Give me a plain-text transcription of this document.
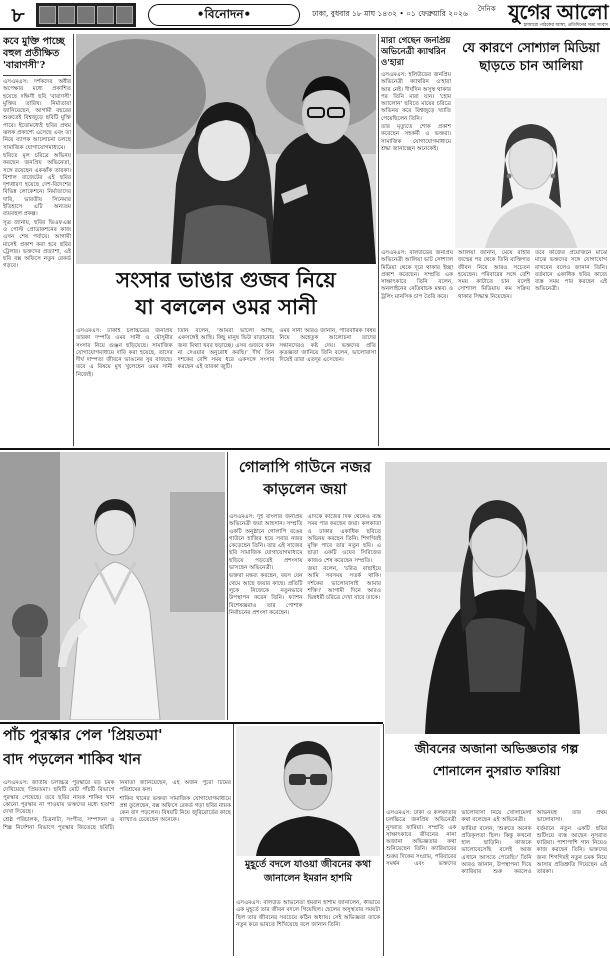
৮	•বিনোদন•	ঢাকা, বুধবার ১৮ মাঘ ১৪৩২ • ০১ ফেব্রুয়ারি ২০২৬	দৈনিক যুগের আলো
হাজারো পাঠকের আস্থা, প্রতিদিনের সত্য সংবাদ
কবে মুক্তি পাচ্ছে বহুল প্রতীক্ষিত 'বারাণসী'?

এসএমএস: দর্শকদের অধীর অপেক্ষার মধ্যে প্রকাশিত হয়েছে দক্ষিণী ছবি 'বারাণসী' মুক্তির তারিখ। নির্মাতারা জানিয়েছেন, আগামী বছরের শুরুতেই বিশ্বজুড়ে ছবিটি মুক্তি পাবে। ইতোমধ্যেই ছবির প্রথম ঝলক প্রকাশ্যে এসেছে এবং তা নিয়ে ব্যাপক আলোচনা চলছে সামাজিক যোগাযোগমাধ্যমে।

ছবিতে মূল চরিত্রে অভিনয় করছেন জনপ্রিয় অভিনেতা, সঙ্গে রয়েছেন একঝাঁক তারকা। বিশাল বাজেটের এই ছবির দৃশ্যধারণ হয়েছে দেশ-বিদেশের বিভিন্ন লোকেশনে। নির্মাতাদের দাবি, ভারতীয় সিনেমার ইতিহাসে এটি অন্যতম ব্যয়বহুল প্রকল্প।

সূত্র জানায়, ছবির ভিএফএক্স ও পোস্ট প্রোডাকশনের কাজ এখন শেষ পর্যায়ে। আগামী মাসেই প্রকাশ করা হবে ছবির ট্রেলার। ভক্তদের প্রত্যাশা, এই ছবি বক্স অফিসে নতুন রেকর্ড গড়বে।

সংসার ভাঙার গুজব নিয়ে
যা বললেন ওমর সানী

এসএমএস: ঢাকাই চলচ্চিত্রের জনপ্রিয় তারকা দম্পতি ওমর সানী ও মৌসুমীর সংসার নিয়ে গুঞ্জন ছড়িয়েছে। সামাজিক যোগাযোগমাধ্যমে দাবি করা হয়েছে, তাদের দীর্ঘ দাম্পত্য জীবনে ভাঙনের সুর বাজছে। তবে এ বিষয়ে মুখ খুলেছেন ওমর সানী নিজেই।

তিনি বলেন, 'আমরা ভালো আছি, একসঙ্গেই আছি। কিছু মানুষ ভিউ বাড়ানোর জন্য মিথ্যা খবর ছড়াচ্ছে। এসব গুজবে কান না দেওয়ার অনুরোধ করছি।' দীর্ঘ তিন দশকের বেশি সময় ধরে একসঙ্গে সংসার করছেন এই তারকা জুটি।

ওমর সানী আরও জানান, পারিবারিক বিষয় নিয়ে অহেতুক আলোচনা তাদের সন্তানদেরও কষ্ট দেয়। ভক্তদের প্রতি কৃতজ্ঞতা জানিয়ে তিনি বলেন, ভালোবাসা দিয়েই তারা এতদূর এসেছেন।

মারা গেছেন জনপ্রিয় অভিনেত্রী ক্যাথরিন ও'হারা

এসএমএস: হলিউডের জনপ্রিয় অভিনেত্রী ক্যাথরিন ও'হারা আর নেই। দীর্ঘদিন অসুস্থ থাকার পর তিনি মারা যান। 'হোম অ্যালোন' ছবিতে মায়ের চরিত্রে অভিনয় করে বিশ্বজুড়ে খ্যাতি পেয়েছিলেন তিনি।

তার মৃত্যুতে শোক প্রকাশ করেছেন সহকর্মী ও ভক্তরা। সামাজিক যোগাযোগমাধ্যমে শ্রদ্ধা জানাচ্ছেন অনেকেই।

যে কারণে সোশ্যাল মিডিয়া
ছাড়তে চান আলিয়া

এসএমএস: বলিউডের জনপ্রিয় অভিনেত্রী আলিয়া ভাট সোশ্যাল মিডিয়া থেকে দূরে থাকার ইচ্ছা প্রকাশ করেছেন। সম্প্রতি এক সাক্ষাৎকারে তিনি বলেন, অনলাইনের নেতিবাচক মন্তব্য ও ট্রলিং মানসিক চাপ তৈরি করে।

আলিয়া জানান, মেয়ে রাহার জন্মের পর থেকে তিনি ব্যক্তিগত জীবন নিয়ে আরও সচেতন হয়েছেন। পরিবারের সঙ্গে বেশি সময় কাটাতে চান বলেই সোশ্যাল মিডিয়ায় কম সক্রিয় থাকার সিদ্ধান্ত নিয়েছেন।

তবে কাজের প্রয়োজনে মাঝে মাঝে ভক্তদের সঙ্গে যোগাযোগ রাখবেন বলেও জানান তিনি। বর্তমানে একাধিক ছবির কাজে ব্যস্ত সময় পার করছেন এই অভিনেত্রী।

গোলাপি গাউনে নজর
কাড়লেন জয়া

এসএমএস: দুই বাংলার জনপ্রিয় অভিনেত্রী জয়া আহসান। সম্প্রতি একটি অনুষ্ঠানে গোলাপি রঙের গাউনে হাজির হয়ে সবার নজর কেড়েছেন তিনি। তার এই সাজের ছবি সামাজিক যোগাযোগমাধ্যমে ছড়িয়ে পড়তেই প্রশংসায় ভাসছেন অভিনেত্রী।

ভক্তরা মন্তব্য করছেন, বয়স যেন থেমে আছে জয়ার কাছে। প্রতিটি লুকে নিজেকে নতুনভাবে উপস্থাপন করেন তিনি। ফ্যাশন বিশেষজ্ঞরাও তার পোশাক নির্বাচনের প্রশংসা করেছেন।

এদিকে কাজের দিক থেকেও ব্যস্ত সময় পার করছেন জয়া। কলকাতা ও ঢাকার একাধিক ছবিতে অভিনয় করছেন তিনি। শিগগিরই মুক্তি পাবে তার নতুন ছবি। এ ছাড়া একটি ওয়েব সিরিজের কাজও শেষ করেছেন সম্প্রতি।

জয়া বলেন, 'চরিত্র বাছাইয়ে আমি সবসময় সতর্ক থাকি। দর্শকের ভালোবাসাই আমার শক্তি।' আগামী দিনে আরও ভিন্নধর্মী চরিত্রে দেখা যাবে তাকে।

পাঁচ পুরস্কার পেল 'প্রিয়তমা'
বাদ পড়লেন শাকিব খান

এসএমএস: জাতীয় চলচ্চিত্র পুরস্কারে বড় চমক দেখিয়েছে 'প্রিয়তমা'। ছবিটি মোট পাঁচটি বিভাগে পুরস্কার পেয়েছে। তবে ছবির নায়ক শাকিব খান কোনো পুরস্কার না পাওয়ায় ভক্তদের মধ্যে হতাশা দেখা দিয়েছে।

শ্রেষ্ঠ পরিচালক, চিত্রনাট্য, সংগীত, সম্পাদনা ও শিল্প নির্দেশনা বিভাগে পুরস্কার জিতেছে ছবিটি। নির্মাতা জানিয়েছেন, এই অর্জন পুরো টিমের পরিশ্রমের ফল।

শাকিব খানের ভক্তরা সামাজিক যোগাযোগমাধ্যমে প্রশ্ন তুলেছেন, বক্স অফিসে রেকর্ড গড়া ছবির নায়ক কেন বাদ পড়লেন। বিষয়টি নিয়ে জুরিবোর্ডের কাছে ব্যাখ্যাও চেয়েছেন অনেকে।

মুহূর্তে বদলে যাওয়া জীবনের কথা
জানালেন ইমরান হাশমি

এসএমএস: বলিউড অভিনেতা ইমরান হাশমি জানালেন, কীভাবে এক মুহূর্তে তার জীবন বদলে গিয়েছিল। ছেলের অসুস্থতার সময়টা ছিল তার জীবনের সবচেয়ে কঠিন অধ্যায়। সেই অভিজ্ঞতা তাকে নতুন করে ভাবতে শিখিয়েছে বলে জানান তিনি।

জীবনের অজানা অভিজ্ঞতার গল্প
শোনালেন নুসরাত ফারিয়া

এসএমএস: ঢাকা ও কলকাতার চলচ্চিত্রে জনপ্রিয় অভিনেত্রী নুসরাত ফারিয়া। সম্প্রতি এক সাক্ষাৎকারে জীবনের নানা অজানা অভিজ্ঞতার কথা শুনিয়েছেন তিনি। ক্যারিয়ারের শুরুর দিকের সংগ্রাম, পরিবারের সমর্থন এবং ভক্তদের ভালোবাসা নিয়ে খোলামেলা কথা বলেছেন এই অভিনেত্রী।

ফারিয়া বলেন, 'শুরুতে অনেক প্রতিকূলতা ছিল। কিন্তু কখনো হাল ছাড়িনি। কাজকে ভালোবেসেছি বলেই আজ এখানে আসতে পেরেছি।' তিনি আরও জানান, উপস্থাপনা দিয়ে ক্যারিয়ার শুরু করলেও অভিনয়ই তার প্রথম ভালোবাসা।

বর্তমানে নতুন একটি ছবির শুটিংয়ে ব্যস্ত আছেন নুসরাত ফারিয়া। পাশাপাশি গান নিয়েও কাজ করছেন তিনি। ভক্তদের জন্য শিগগিরই নতুন চমক নিয়ে আসার প্রতিশ্রুতি দিয়েছেন এই তারকা।
